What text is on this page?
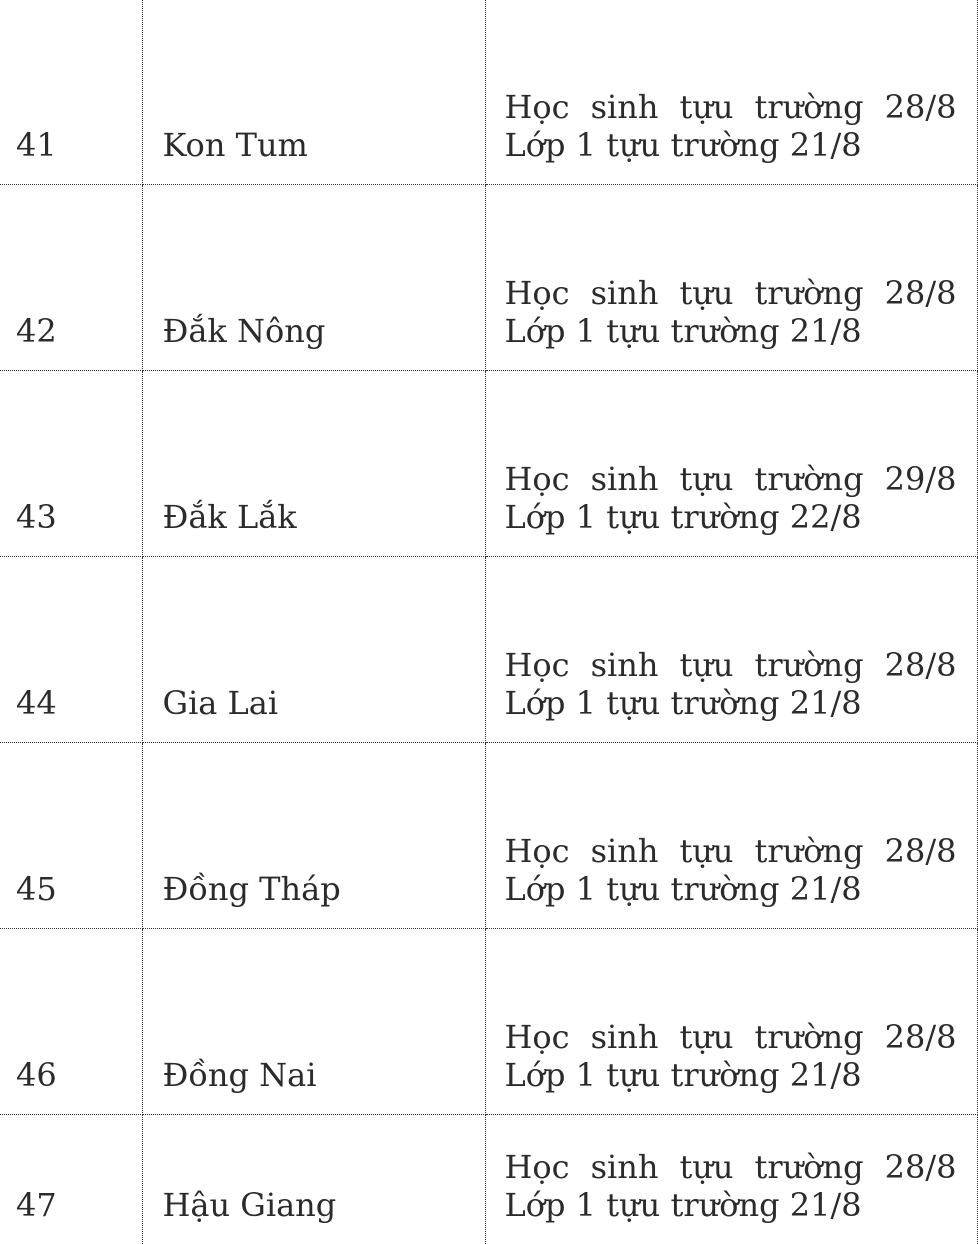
41	Kon Tum	Học sinh tựu trường 28/8
Lớp 1 tựu trường 21/8

42	Đắk Nông	Học sinh tựu trường 28/8
Lớp 1 tựu trường 21/8

43	Đắk Lắk	Học sinh tựu trường 29/8
Lớp 1 tựu trường 22/8

44	Gia Lai	Học sinh tựu trường 28/8
Lớp 1 tựu trường 21/8

45	Đồng Tháp	Học sinh tựu trường 28/8
Lớp 1 tựu trường 21/8

46	Đồng Nai	Học sinh tựu trường 28/8
Lớp 1 tựu trường 21/8

47	Hậu Giang	Học sinh tựu trường 28/8
Lớp 1 tựu trường 21/8
